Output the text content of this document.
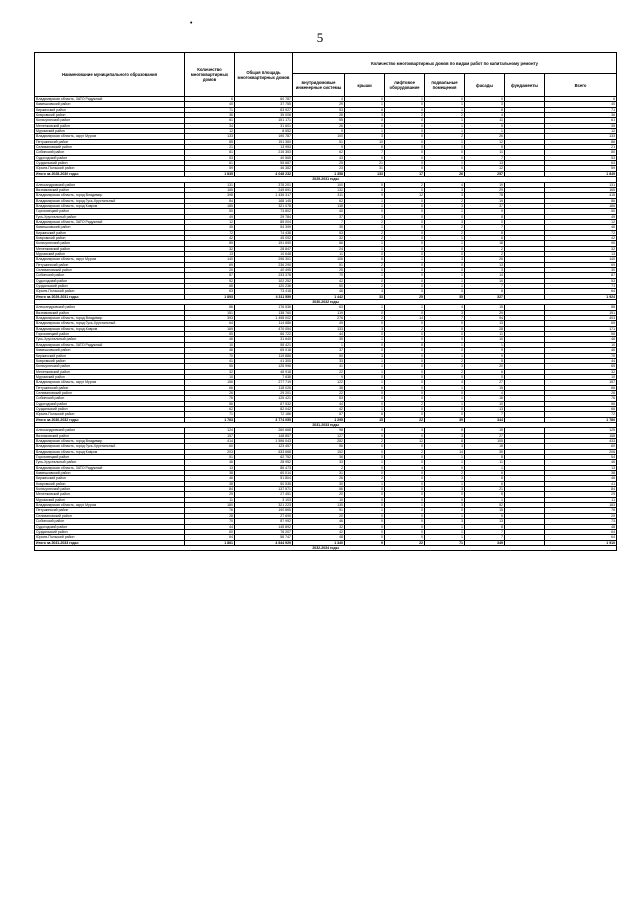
•
5
Наименование муниципального образования	Количество многоквартирных домов	Общая площадь многоквартирных домов	Количество многоквартирных домов по видам работ по капитальному ремонту						
			внутридомовые инженерные системы	крыши	лифтовое оборудование	подвальные помещения	фасады	фундаменты	Всего
Владимирская область, ЗАТО Радужный	6	60 787	4	0	1	0	0		6
Камешковский район	40	37 755	29	1	0	1	3		40
Киржачский район	71	83 927	53	6	0	1	8		71
Ковровский район	36	35 006	26	3	2	2	4		36
Кольчугинский район	61	151 171	55	0	0	1	11		61
Меленковский район	34	31 601	26	0	0	1	5		35
Муромский район	12	8 552	9	1	0	1	1		12
Владимирская область, округ Муром	133	190 787	100	3	0	2	26		133
Петушинский район	85	191 360	51	10	0	1	12		86
Селивановский район	21	13 953	9	6	0	1	5		21
Собинский район	81	215 353	62	7	0	0	11		80
Судогодский район	53	40 565	43	0	0	0	7		53
Суздальский район	61	55 687	25	21	0	1	13		63
Юрьев-Польский район	59	46 382	23	31	0	0	12		59
Итого за 2028-2030 годы:	1 835	4 048 232	1 358	133	17	26	257		1 849
2029-2031 годы									
Александровский район	131	378 201	100	5	2	4	19		131
Вязниковский район	165	245 691	132	0	0	3	29		165
Владимирская область, город Владимир	398	1 436 317	311	9	12	3	78		415
Владимирская область, город Гусь-Хрустальный	84	168 145	62	1	0	2	19		86
Владимирская область, город Ковров	185	321 078	138	1	5	3	37		186
Гороховецкий район	50	73 802	40	0	0	1	9		50
Гусь-Хрустальный район	49	29 784	37	3	0	0	8		49
Владимирская область, ЗАТО Радужный	12	85 004	7	2	0	3	0		12
Камешковский район	45	54 399	35	1	0	2	7		46
Киржачский район	72	74 438	53	2	0	2	8		72
Ковровский район	42	45 092	32	2	0	1	6		42
Кольчугинский район	89	191 690	66	1	0	1	18		90
Меленковский район	32	28 847	24	1	0	0	2		32
Муромский район	13	10 648	11	0	0	0	2		13
Владимирская область, округ Муром	140	296 301	106	6	1	3	26		140
Петушинский район	69	236 290	51	2	0	0	13		69
Селивановский район	20	40 495	25	0	0	0	3		30
Собинский район	87	233 378	70	1	0	1	14		87
Судогодский район	52	102 252	42	0	0	1	10		53
Суздальский район	68	120 236	50	2	0	1	7		71
Юрьев-Польский район	63	73 418	46	4	0	0	6		64
Итого за 2029-2031 годы:	1 893	4 311 559	1 442	33	25	35	327		1 924
2030-2032 годы									
Александровский район	86	176 536	63	1	1	4	15		88
Вязниковский район	151	138 760	119	0	0	3	29		151
Владимирская область, город Владимир	393	1 498 002	276	2	14	7	94		403
Владимирская область, город Гусь-Хрустальный	64	114 686	49	0	0	0	13		69
Владимирская область, город Ковров	169	470 054	133	3	2	5	28		171
Гороховецкий район	55	86 722	44	0	0	0	11		56
Гусь-Хрустальный район	46	31 640	35	1	0	0	10		46
Владимирская область, ЗАТО Радужный	10	58 421	1	0	8	1	1		10
Камешковский район	46	65 018	37	0	0	0	9		46
Киржачский район	70	119 886	50	3	0	1	9		70
Ковровский район	41	41 300	33	1	0	2	5		44
Кольчугинский район	55	125 996	41	1	0	3	20		65
Меленковский район	32	45 918	22	1	0	2	6		32
Муромский район	10	7 638	9	0	0	0	0		10
Владимирская область, округ Муром	156	277 719	122	1	0	4	27		157
Петушинский район	66	118 026	38	6	0	1	15		66
Селивановский район	26	29 201	22	0	0	0	4		26
Собинский район	76	125 421	53	0	0	1	18		76
Судогодский район	56	87 532	44	0	2	1	10		56
Суздальский район	62	82 042	42	1	0	0	13		66
Юрьев-Польский район	71	72 186	57	6	0	0	7		72
Итого за 2030-2032 годы:	1 763	3 774 055	1 295	15	22	39	344		1 780
2031-2033 годы									
Александровский район	124	260 668	98	0	3	8	15		125
Вязниковский район	157	148 857	127	0	0	3	27		158
Владимирская область, город Владимир	414	1 596 043	282	2	12	8	105		433
Владимирская область, город Гусь-Хрустальный	60	123 457	56	0	0	3	18		60
Владимирская область, город Ковров	203	633 668	152	0	2	14	35		206
Гороховецкий район	51	62 752	36	0	0	1	8		54
Гусь-Хрустальный район	46	28 952	33	1	0	1	11		46
Владимирская область, ЗАТО Радужный	13	86 473	2	0	4	0	1		13
Камешковский район	38	60 014	31	0	0	2	6		38
Киржачский район	46	51 804	26	2	0	3	8		46
Ковровский район	38	50 535	30	1	0	1	6		41
Кольчугинский район	84	137 571	56	0	0	3	21		84
Меленковский район	29	27 451	20	0	0	0	8		29
Муромский район	11	3 103	10	0	0	0	1		11
Владимирская область, округ Муром	180	321 223	130	0	1	3	52		183
Петушинский район	76	190 865	51	1	0	0	15		76
Селивановский район	28	27 690	20	0	0	1	5		29
Собинский район	70	87 992	46	0	0	3	13		73
Судогодский район	44	145 892	32	0	0	1	8		48
Суздальский район	60	76 207	42	0	0	1	7		64
Юрьев-Польский район	64	56 747	48	0	0	1	7		64
Итого за 2031-2033 годы:	1 861	4 644 929	1 340	9	22	71	349		1 910
2032-2034 годы									
